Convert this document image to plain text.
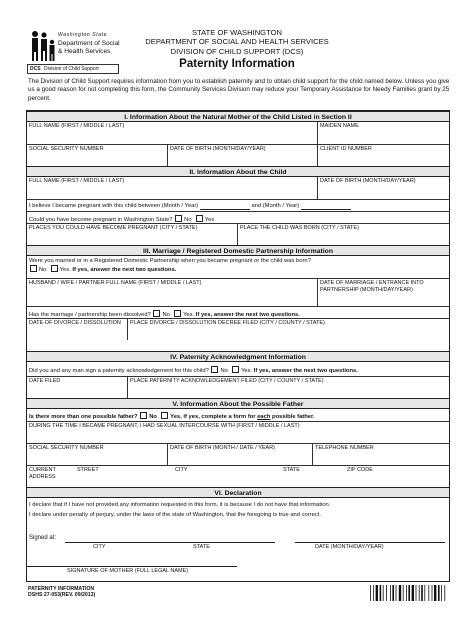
Washington State
Department of Social
& Health Services
DCS Division of Child Support
STATE OF WASHINGTON
DEPARTMENT OF SOCIAL AND HEALTH SERVICES
DIVISION OF CHILD SUPPORT (DCS)
Paternity Information
The Division of Child Support requires information from you to establish paternity and to obtain child support for the child named below. Unless you give us a good reason for not completing this form, the Community Services Division may reduce your Temporary Assistance for Needy Families grant by 25 percent.
I. Information About the Natural Mother of the Child Listed in Section II
FULL NAME (FIRST / MIDDLE / LAST)	MAIDEN NAME
SOCIAL SECURITY NUMBER	DATE OF BIRTH (MONTH/DAY/YEAR)	CLIENT ID NUMBER
II. Information About the Child
FULL NAME (FIRST / MIDDLE / LAST)	DATE OF BIRTH (MONTH/DAY/YEAR)
I believe I became pregnant with this child between (Month / Year)	and (Month / Year)
Could you have become pregnant in Washington State? No Yes
PLACES YOU COULD HAVE BECOME PREGNANT (CITY / STATE)	PLACE THE CHILD WAS BORN (CITY / STATE)
III. Marriage / Registered Domestic Partnership Information
Were you married or in a Registered Domestic Partnership when you became pregnant or the child was born?
No Yes. If yes, answer the next two questions.
HUSBAND / WIFE / PARTNER FULL NAME (FIRST / MIDDLE / LAST)	DATE OF MARRIAGE / ENTRANCE INTO PARTNERSHIP (MONTH/DAY/YEAR)
Has the marriage / partnership been dissolved? No Yes. If yes, answer the next two questions.
DATE OF DIVORCE / DISSOLUTION	PLACE DIVORCE / DISSOLUTION DECREE FILED (CITY / COUNTY / STATE)
IV. Paternity Acknowledgment Information
Did you and any man sign a paternity acknowledgement for this child? No Yes. If yes, answer the next two questions.
DATE FILED	PLACE PATERNITY ACKNOWLEDGEMENT FILED (CITY / COUNTY / STATE)
V. Information About the Possible Father
Is there more than one possible father? No Yes, if yes, complete a form for each possible father.
DURING THE TIME I BECAME PREGNANT, I HAD SEXUAL INTERCOURSE WITH (FIRST / MIDDLE / LAST)
SOCIAL SECURITY NUMBER	DATE OF BIRTH (MONTH / DATE / YEAR)	TELEPHONE NUMBER
CURRENT ADDRESS
STREET	CITY	STATE	ZIP CODE
VI. Declaration
I declare that if I have not provided any information requested in this form, it is because I do not have that information.
I declare under penalty of perjury, under the laws of the state of Washington, that the foregoing is true and correct.
Signed at:
CITY	STATE	DATE (MONTH/DAY/YEAR)
SIGNATURE OF MOTHER (FULL LEGAL NAME)
PATERNITY INFORMATION
DSHS 27-053(REV. 09/2013)
